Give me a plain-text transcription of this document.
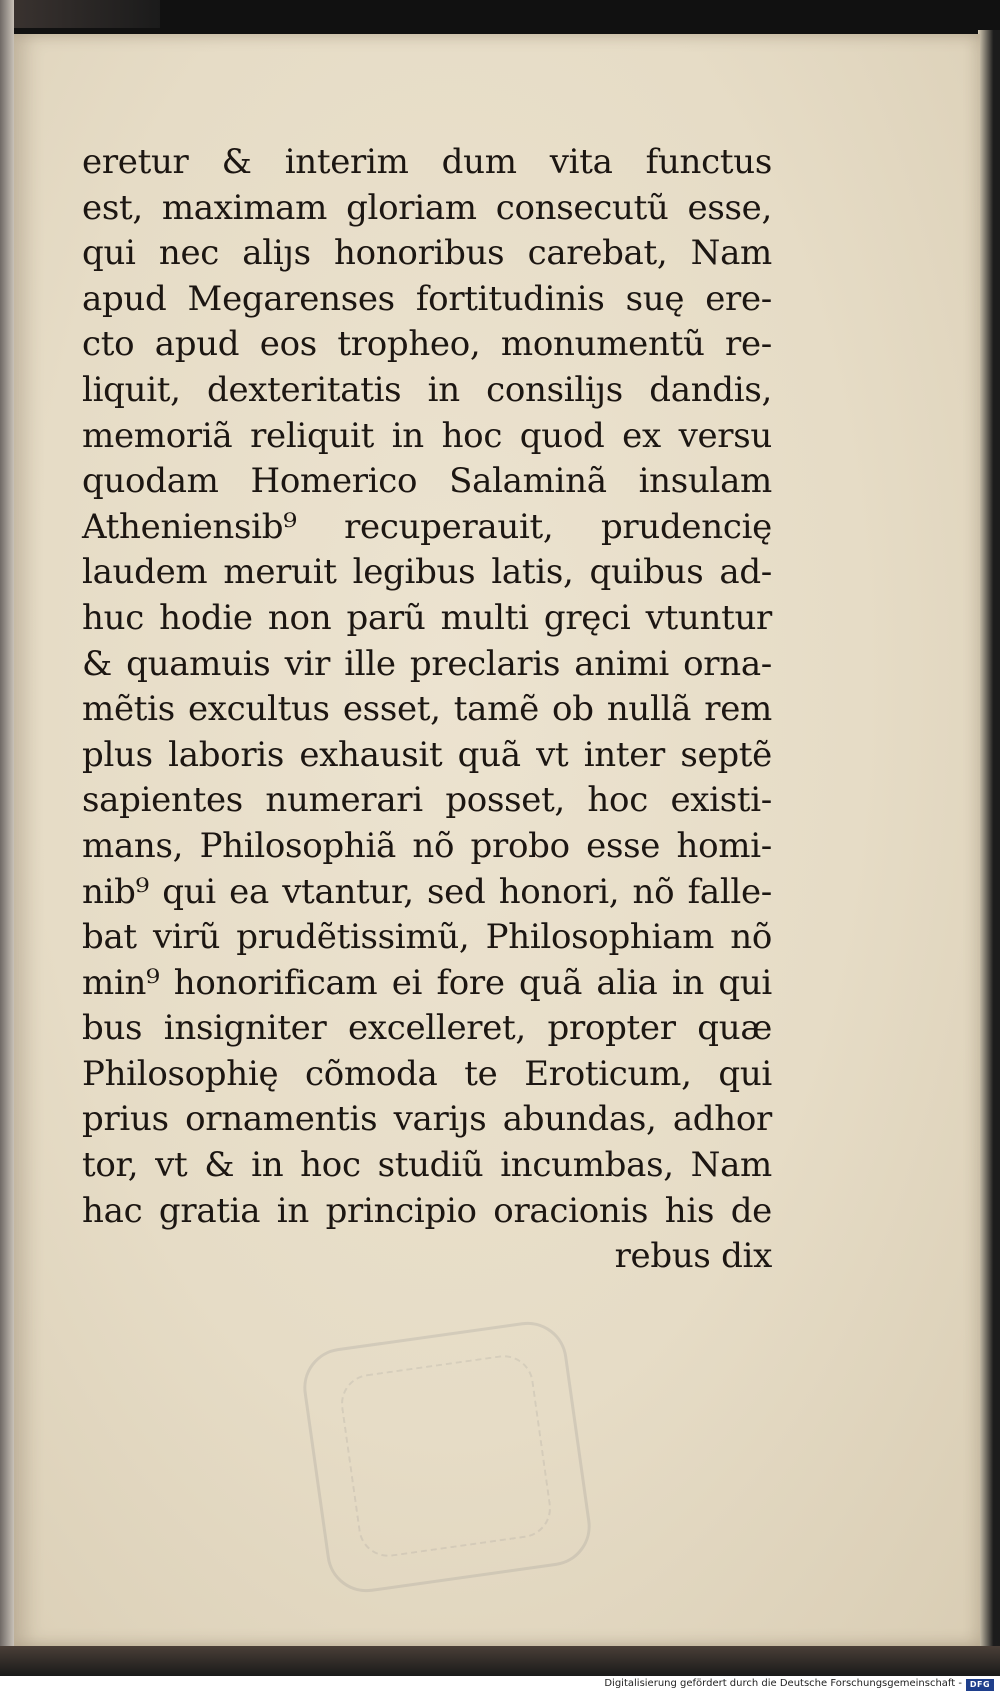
eretur & interim dum vita functus
est, maximam gloriam consecutũ esse,
qui nec aliȷs honoribus carebat, Nam
apud Megarenses fortitudinis suę ere-
cto apud eos tropheo, monumentũ re-
liquit, dexteritatis in consiliȷs dandis,
memoriã reliquit in hoc quod ex versu
quodam Homerico Salaminã insulam
Atheniensib⁹ recuperauit, prudencię
laudem meruit legibus latis, quibus ad-
huc hodie non parũ multi gręci vtuntur
& quamuis vir ille preclaris animi orna-
mẽtis excultus esset, tamẽ ob nullã rem
plus laboris exhausit quã vt inter septẽ
sapientes numerari posset, hoc existi-
mans, Philosophiã nõ probo esse homi-
nib⁹ qui ea vtantur, sed honori, nõ falle-
bat virũ prudẽtissimũ, Philosophiam nõ
min⁹ honorificam ei fore quã alia in qui
bus insigniter excelleret, propter quæ
Philosophię cõmoda te Eroticum, qui
prius ornamentis variȷs abundas, adhor
tor, vt & in hoc studiũ incumbas, Nam
hac gratia in principio oracionis his de
rebus dix
Digitalisierung gefördert durch die Deutsche Forschungsgemeinschaft - DFG
